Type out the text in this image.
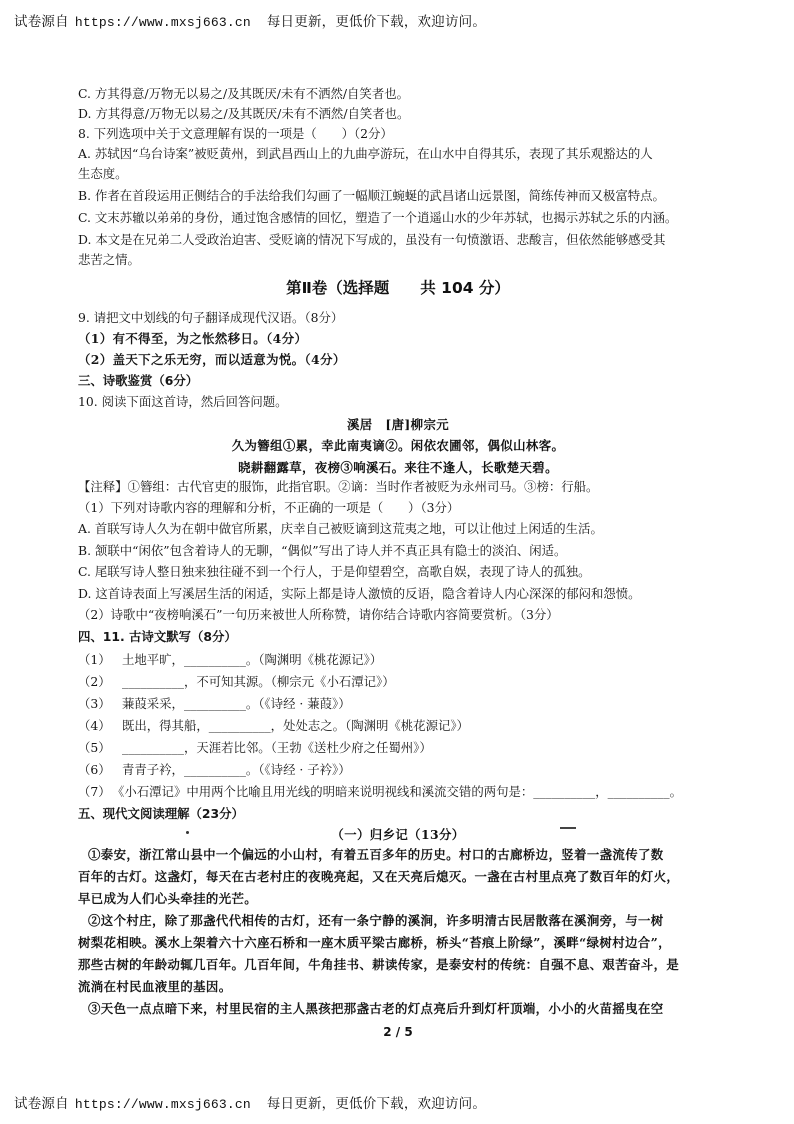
试卷源自 https://www.mxsj663.cn 每日更新，更低价下载，欢迎访问。
C. 方其得意/万物无以易之/及其既厌/未有不洒然/自笑者也。
D. 方其得意/万物无以易之/及其既厌/未有不洒然/自笑者也。
8. 下列选项中关于文意理解有误的一项是（　　）（2分）
A. 苏轼因“乌台诗案”被贬黄州，到武昌西山上的九曲亭游玩，在山水中自得其乐，表现了其乐观豁达的人
生态度。
B. 作者在首段运用正侧结合的手法给我们勾画了一幅顺江蜿蜒的武昌诸山远景图，简练传神而又极富特点。
C. 文末苏辙以弟弟的身份，通过饱含感情的回忆，塑造了一个逍遥山水的少年苏轼，也揭示苏轼之乐的内涵。
D. 本文是在兄弟二人受政治迫害、受贬谪的情况下写成的，虽没有一句愤激语、悲酸言，但依然能够感受其
悲苦之情。
第Ⅱ卷（选择题　　共 104 分）
9. 请把文中划线的句子翻译成现代汉语。（8分）
（1）有不得至，为之怅然移日。（4分）
（2）盖天下之乐无穷，而以适意为悦。（4分）
三、诗歌鉴赏（6分）
10. 阅读下面这首诗，然后回答问题。
溪居　[唐]柳宗元
久为簪组①累，幸此南夷谪②。闲依农圃邻，偶似山林客。
晓耕翻露草，夜榜③响溪石。来往不逢人，长歌楚天碧。
【注释】①簪组：古代官吏的服饰，此指官职。②谪：当时作者被贬为永州司马。③榜：行船。
（1）下列对诗歌内容的理解和分析，不正确的一项是（　　）（3分）
A. 首联写诗人久为在朝中做官所累，庆幸自己被贬谪到这荒夷之地，可以让他过上闲适的生活。
B. 颔联中“闲依”包含着诗人的无聊，“偶似”写出了诗人并不真正具有隐士的淡泊、闲适。
C. 尾联写诗人整日独来独往碰不到一个行人，于是仰望碧空，高歌自娱，表现了诗人的孤独。
D. 这首诗表面上写溪居生活的闲适，实际上都是诗人激愤的反语，隐含着诗人内心深深的郁闷和怨愤。
（2）诗歌中“夜榜响溪石”一句历来被世人所称赞，请你结合诗歌内容简要赏析。（3分）
四、11. 古诗文默写（8分）
（1） 土地平旷，__________。（陶渊明《桃花源记》）
（2） __________，不可知其源。（柳宗元《小石潭记》）
（3） 蒹葭采采，__________。（《诗经 · 蒹葭》）
（4） 既出，得其船，__________，处处志之。（陶渊明《桃花源记》）
（5） __________，天涯若比邻。（王勃《送杜少府之任蜀州》）
（6） 青青子衿，__________。（《诗经 · 子衿》）
（7） 《小石潭记》中用两个比喻且用光线的明暗来说明视线和溪流交错的两句是：__________，__________。
五、现代文阅读理解（23分）
（一）归乡记（13分）
①泰安，浙江常山县中一个偏远的小山村，有着五百多年的历史。村口的古廊桥边，竖着一盏流传了数
百年的古灯。这盏灯，每天在古老村庄的夜晚亮起，又在天亮后熄灭。一盏在古村里点亮了数百年的灯火，
早已成为人们心头牵挂的光芒。
②这个村庄，除了那盏代代相传的古灯，还有一条宁静的溪涧，许多明清古民居散落在溪涧旁，与一树
树梨花相映。溪水上架着六十六座石桥和一座木质平梁古廊桥，桥头“苔痕上阶绿”，溪畔“绿树村边合”，
那些古树的年龄动辄几百年。几百年间，牛角挂书、耕读传家，是泰安村的传统：自强不息、艰苦奋斗，是
流淌在村民血液里的基因。
③天色一点点暗下来，村里民宿的主人黑孩把那盏古老的灯点亮后升到灯杆顶端，小小的火苗摇曳在空
2 / 5
试卷源自 https://www.mxsj663.cn 每日更新，更低价下载，欢迎访问。
